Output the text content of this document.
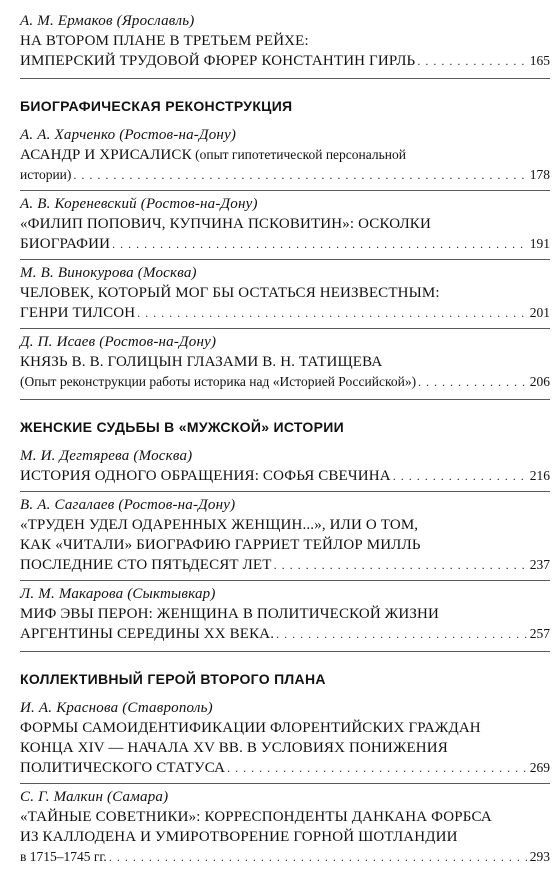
А. М. Ермаков (Ярославль)
НА ВТОРОМ ПЛАНЕ В ТРЕТЬЕМ РЕЙХЕ:
ИМПЕРСКИЙ ТРУДОВОЙ ФЮРЕР КОНСТАНТИН ГИРЛЬ . . .	165
БИОГРАФИЧЕСКАЯ РЕКОНСТРУКЦИЯ
А. А. Харченко (Ростов-на-Дону)
АСАНДР И ХРИСАЛИСК (опыт гипотетической персональной
истории) . . .	178
А. В. Кореневский (Ростов-на-Дону)
«ФИЛИП ПОПОВИЧ, КУПЧИНА ПСКОВИТИН»: ОСКОЛКИ
БИОГРАФИИ . . .	191
М. В. Винокурова (Москва)
ЧЕЛОВЕК, КОТОРЫЙ МОГ БЫ ОСТАТЬСЯ НЕИЗВЕСТНЫМ:
ГЕНРИ ТИЛСОН . . .	201
Д. П. Исаев (Ростов-на-Дону)
КНЯЗЬ В. В. ГОЛИЦЫН ГЛАЗАМИ В. Н. ТАТИЩЕВА
(Опыт реконструкции работы историка над «Историей Российской») . . .	206
ЖЕНСКИЕ СУДЬБЫ В «МУЖСКОЙ» ИСТОРИИ
М. И. Дегтярева (Москва)
ИСТОРИЯ ОДНОГО ОБРАЩЕНИЯ: СОФЬЯ СВЕЧИНА . . .	216
В. А. Сагалаев (Ростов-на-Дону)
«ТРУДЕН УДЕЛ ОДАРЕННЫХ ЖЕНЩИН...», ИЛИ О ТОМ,
КАК «ЧИТАЛИ» БИОГРАФИЮ ГАРРИЕТ ТЕЙЛОР МИЛЛЬ
ПОСЛЕДНИЕ СТО ПЯТЬДЕСЯТ ЛЕТ . . .	237
Л. М. Макарова (Сыктывкар)
МИФ ЭВЫ ПЕРОН: ЖЕНЩИНА В ПОЛИТИЧЕСКОЙ ЖИЗНИ
АРГЕНТИНЫ СЕРЕДИНЫ XX ВЕКА. . . .	257
КОЛЛЕКТИВНЫЙ ГЕРОЙ ВТОРОГО ПЛАНА
И. А. Краснова (Ставрополь)
ФОРМЫ САМОИДЕНТИФИКАЦИИ ФЛОРЕНТИЙСКИХ ГРАЖДАН
КОНЦА XIV — НАЧАЛА XV ВВ. В УСЛОВИЯХ ПОНИЖЕНИЯ
ПОЛИТИЧЕСКОГО СТАТУСА . . .	269
С. Г. Малкин (Самара)
«ТАЙНЫЕ СОВЕТНИКИ»: КОРРЕСПОНДЕНТЫ ДАНКАНА ФОРБСА
ИЗ КАЛЛОДЕНА И УМИРОТВОРЕНИЕ ГОРНОЙ ШОТЛАНДИИ
в 1715–1745 гг. . . .	293
